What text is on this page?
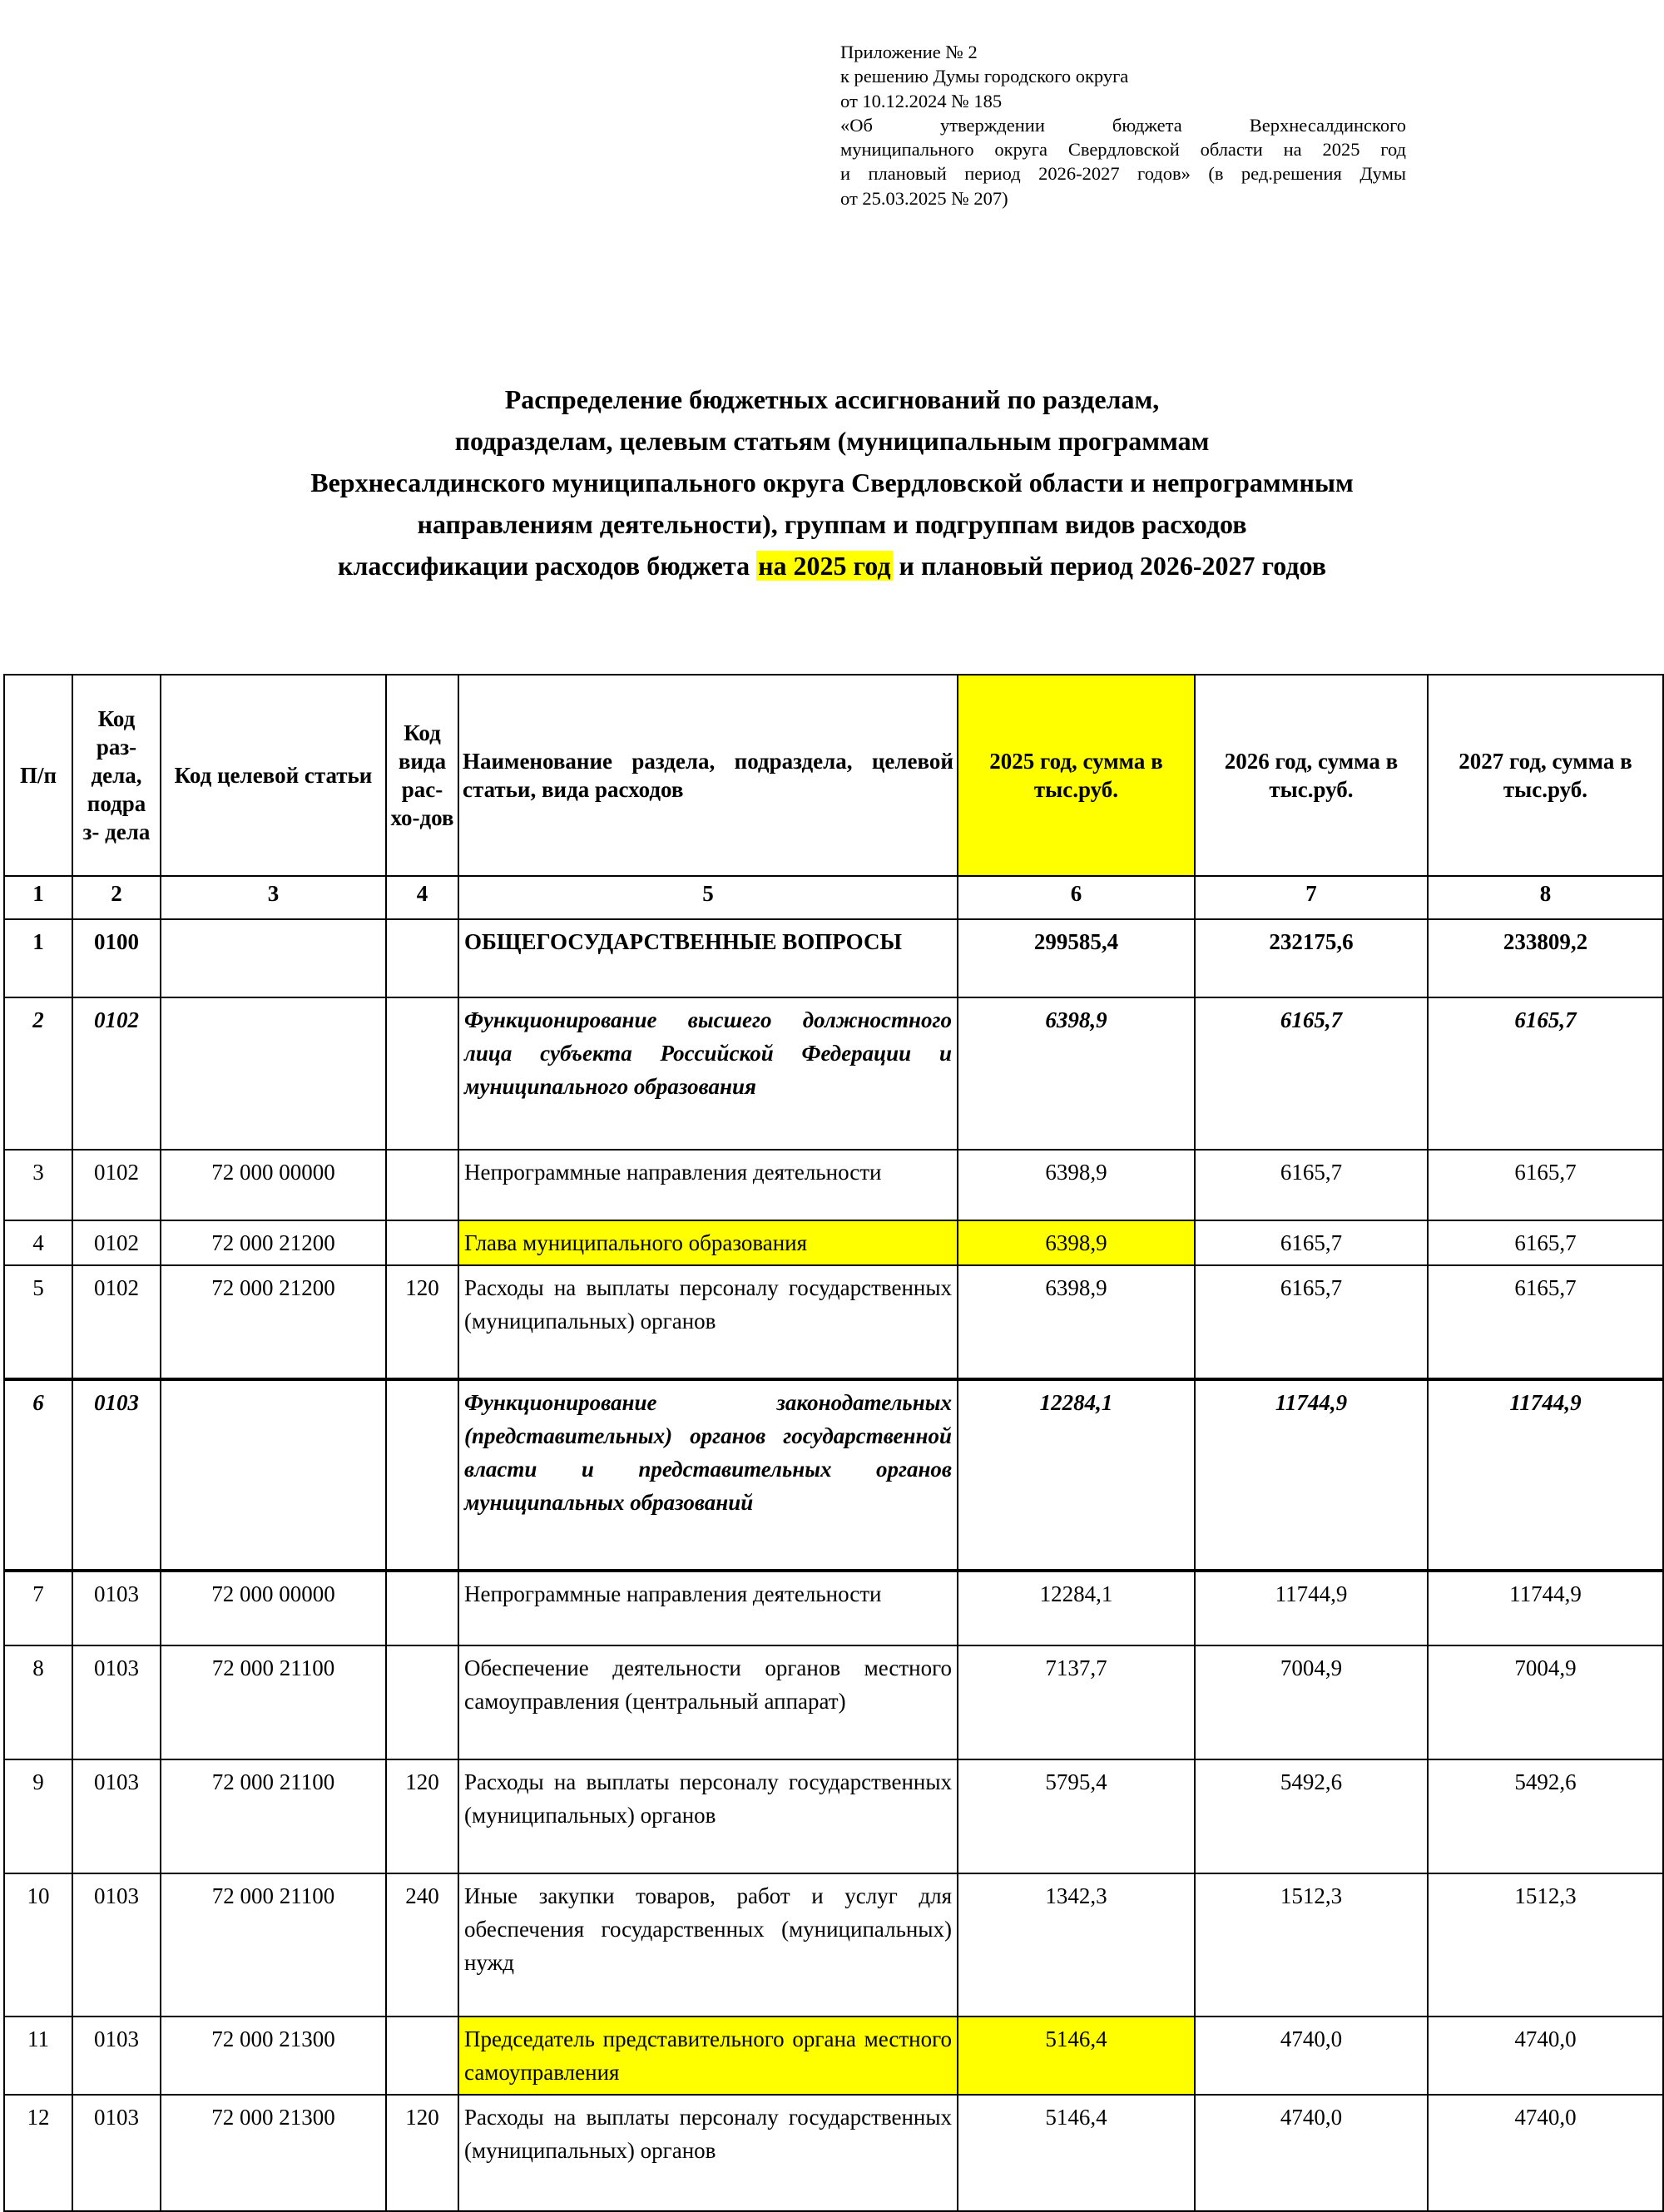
Приложение № 2
к решению Думы городского округа
от 10.12.2024 № 185
«Об утверждении бюджета Верхнесалдинского
муниципального округа Свердловской области на 2025 год
и плановый период 2026-2027 годов» (в ред.решения Думы
от 25.03.2025 № 207)
Распределение бюджетных ассигнований по разделам,
подразделам, целевым статьям (муниципальным программам
Верхнесалдинского муниципального округа Свердловской области и непрограммным
направлениям деятельности), группам и подгруппам видов расходов
классификации расходов бюджета на 2025 год и плановый период 2026-2027 годов
П/п	Код раз-дела, подра з- дела	Код целевой статьи	Код вида рас-хо-дов	Наименование раздела, подраздела, целевой статьи, вида расходов	2025 год, сумма в тыс.руб.	2026 год, сумма в тыс.руб.	2027 год, сумма в тыс.руб.
1	2	3	4	5	6	7	8
1	0100			ОБЩЕГОСУДАРСТВЕННЫЕ ВОПРОСЫ	299585,4	232175,6	233809,2
2	0102			Функционирование высшего должностного лица субъекта Российской Федерации и муниципального образования	6398,9	6165,7	6165,7
3	0102	72 000 00000		Непрограммные направления деятельности	6398,9	6165,7	6165,7
4	0102	72 000 21200		Глава муниципального образования	6398,9	6165,7	6165,7
5	0102	72 000 21200	120	Расходы на выплаты персоналу государственных (муниципальных) органов	6398,9	6165,7	6165,7
6	0103			Функционирование законодательных (представительных) органов государственной власти и представительных органов муниципальных образований	12284,1	11744,9	11744,9
7	0103	72 000 00000		Непрограммные направления деятельности	12284,1	11744,9	11744,9
8	0103	72 000 21100		Обеспечение деятельности органов местного самоуправления (центральный аппарат)	7137,7	7004,9	7004,9
9	0103	72 000 21100	120	Расходы на выплаты персоналу государственных (муниципальных) органов	5795,4	5492,6	5492,6
10	0103	72 000 21100	240	Иные закупки товаров, работ и услуг для обеспечения государственных (муниципальных) нужд	1342,3	1512,3	1512,3
11	0103	72 000 21300		Председатель представительного органа местного самоуправления	5146,4	4740,0	4740,0
12	0103	72 000 21300	120	Расходы на выплаты персоналу государственных (муниципальных) органов	5146,4	4740,0	4740,0
